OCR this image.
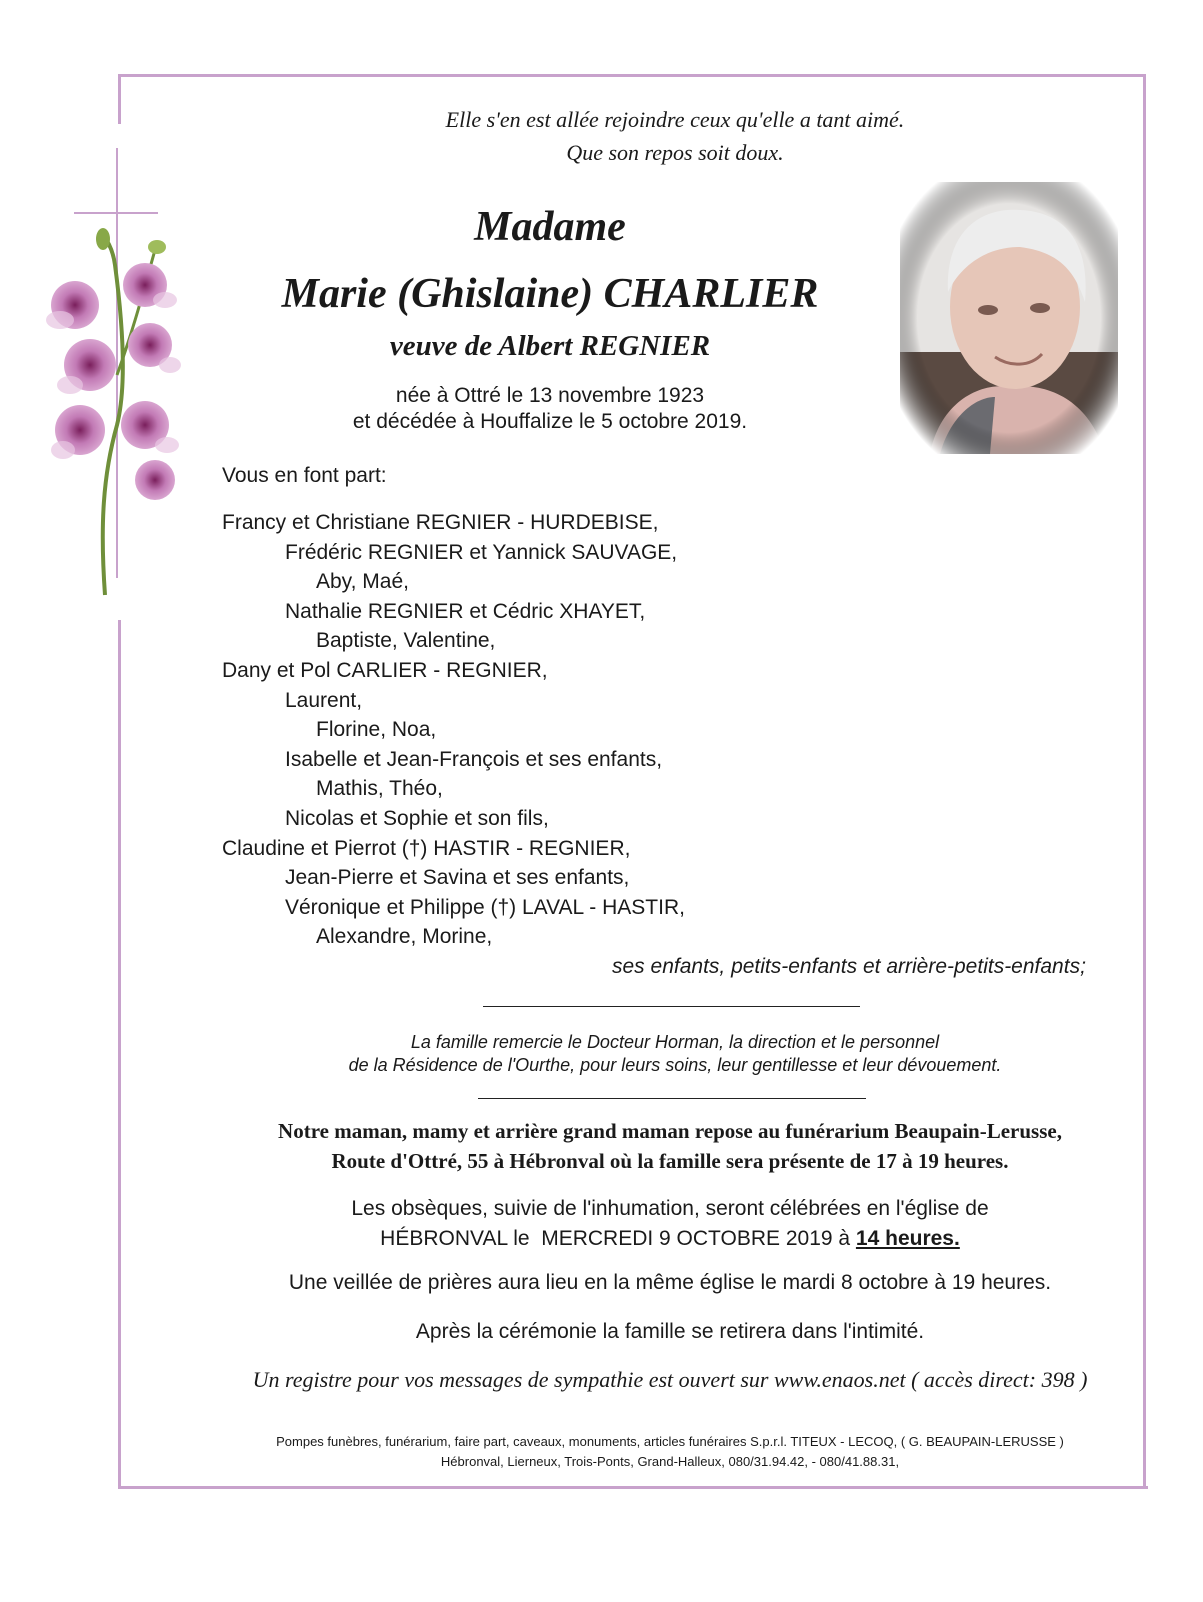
Elle s'en est allée rejoindre ceux qu'elle a tant aimé.
Que son repos soit doux.
Madame
Marie (Ghislaine) CHARLIER
veuve de Albert REGNIER
née à Ottré le 13 novembre 1923
et décédée à Houffalize le 5 octobre 2019.
Vous en font part:
Francy et Christiane REGNIER - HURDEBISE,
Frédéric REGNIER et Yannick SAUVAGE,
Aby, Maé,
Nathalie REGNIER et Cédric XHAYET,
Baptiste, Valentine,
Dany et Pol CARLIER - REGNIER,
Laurent,
Florine, Noa,
Isabelle et Jean-François et ses enfants,
Mathis, Théo,
Nicolas et Sophie et son fils,
Claudine et Pierrot (†) HASTIR - REGNIER,
Jean-Pierre et Savina et ses enfants,
Véronique et Philippe (†) LAVAL - HASTIR,
Alexandre, Morine,
ses enfants, petits-enfants et arrière-petits-enfants;
La famille remercie le Docteur Horman, la direction et le personnel
de la Résidence de l'Ourthe, pour leurs soins, leur gentillesse et leur dévouement.
Notre maman, mamy et arrière grand maman repose au funérarium Beaupain-Lerusse,
Route d'Ottré, 55 à Hébronval où la famille sera présente de 17 à 19 heures.
Les obsèques, suivie de l'inhumation, seront célébrées en l'église de
HÉBRONVAL le  MERCREDI 9 OCTOBRE 2019 à 14 heures.
Une veillée de prières aura lieu en la même église le mardi 8 octobre à 19 heures.
Après la cérémonie la famille se retirera dans l'intimité.
Un registre pour vos messages de sympathie est ouvert sur www.enaos.net ( accès direct: 398 )
Pompes funèbres, funérarium, faire part, caveaux, monuments, articles funéraires S.p.r.l. TITEUX - LECOQ, ( G. BEAUPAIN-LERUSSE )
Hébronval, Lierneux, Trois-Ponts, Grand-Halleux, 080/31.94.42, - 080/41.88.31,
